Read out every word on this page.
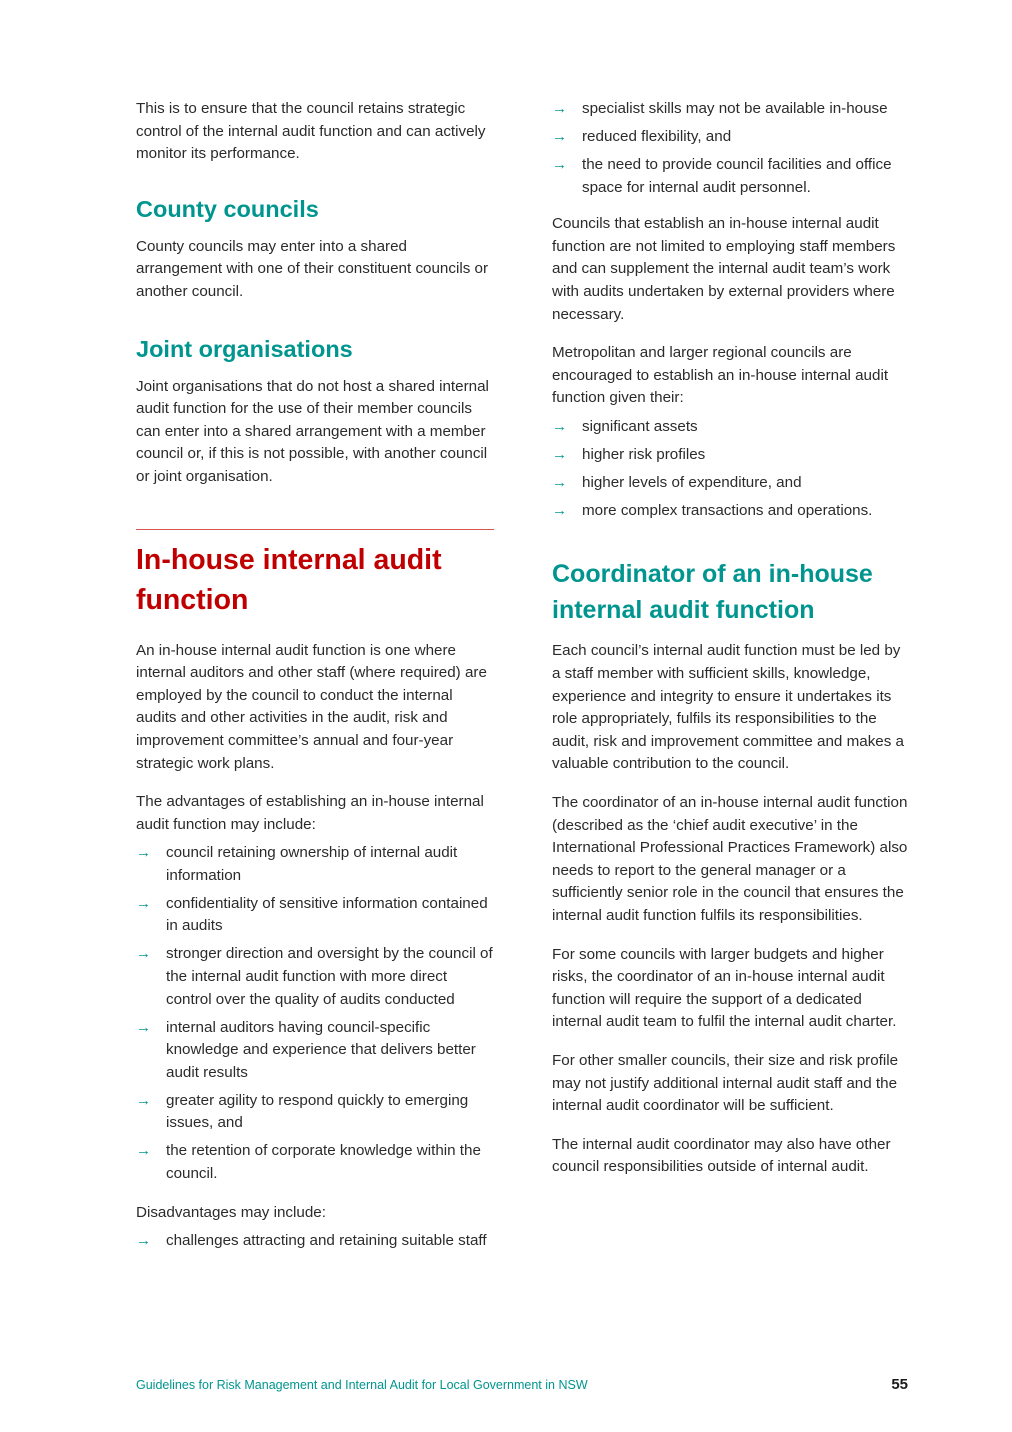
This is to ensure that the council retains strategic control of the internal audit function and can actively monitor its performance.

County councils

County councils may enter into a shared arrangement with one of their constituent councils or another council.

Joint organisations

Joint organisations that do not host a shared internal audit function for the use of their member councils can enter into a shared arrangement with a member council or, if this is not possible, with another council or joint organisation.

In-house internal audit function

An in-house internal audit function is one where internal auditors and other staff (where required) are employed by the council to conduct the internal audits and other activities in the audit, risk and improvement committee’s annual and four-year strategic work plans.

The advantages of establishing an in-house internal audit function may include:

→ council retaining ownership of internal audit information
→ confidentiality of sensitive information contained in audits
→ stronger direction and oversight by the council of the internal audit function with more direct control over the quality of audits conducted
→ internal auditors having council-specific knowledge and experience that delivers better audit results
→ greater agility to respond quickly to emerging issues, and
→ the retention of corporate knowledge within the council.

Disadvantages may include:

→ challenges attracting and retaining suitable staff
→ specialist skills may not be available in-house
→ reduced flexibility, and
→ the need to provide council facilities and office space for internal audit personnel.

Councils that establish an in-house internal audit function are not limited to employing staff members and can supplement the internal audit team’s work with audits undertaken by external providers where necessary.

Metropolitan and larger regional councils are encouraged to establish an in-house internal audit function given their:

→ significant assets
→ higher risk profiles
→ higher levels of expenditure, and
→ more complex transactions and operations.
Coordinator of an in-house internal audit function

Each council’s internal audit function must be led by a staff member with sufficient skills, knowledge, experience and integrity to ensure it undertakes its role appropriately, fulfils its responsibilities to the audit, risk and improvement committee and makes a valuable contribution to the council.

The coordinator of an in-house internal audit function (described as the ‘chief audit executive’ in the International Professional Practices Framework) also needs to report to the general manager or a sufficiently senior role in the council that ensures the internal audit function fulfils its responsibilities.

For some councils with larger budgets and higher risks, the coordinator of an in-house internal audit function will require the support of a dedicated internal audit team to fulfil the internal audit charter.

For other smaller councils, their size and risk profile may not justify additional internal audit staff and the internal audit coordinator will be sufficient.

The internal audit coordinator may also have other council responsibilities outside of internal audit.

Guidelines for Risk Management and Internal Audit for Local Government in NSW	55
